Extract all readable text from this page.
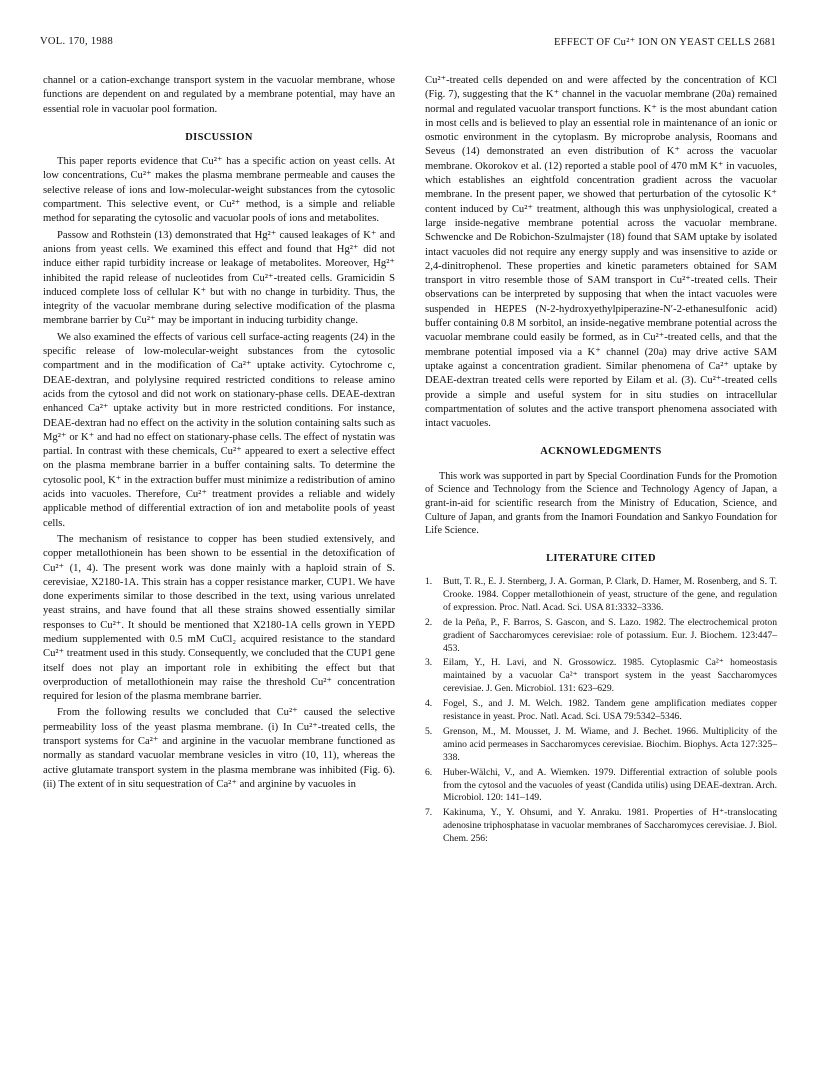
VOL. 170, 1988	EFFECT OF Cu²⁺ ION ON YEAST CELLS 2681

channel or a cation-exchange transport system in the vacuolar membrane, whose functions are dependent on and regulated by a membrane potential, may have an essential role in vacuolar pool formation.

DISCUSSION

This paper reports evidence that Cu²⁺ has a specific action on yeast cells. At low concentrations, Cu²⁺ makes the plasma membrane permeable and causes the selective release of ions and low-molecular-weight substances from the cytosolic compartment. This selective event, or Cu²⁺ method, is a simple and reliable method for separating the cytosolic and vacuolar pools of ions and metabolites.

Passow and Rothstein (13) demonstrated that Hg²⁺ caused leakages of K⁺ and anions from yeast cells. We examined this effect and found that Hg²⁺ did not induce either rapid turbidity increase or leakage of metabolites. Moreover, Hg²⁺ inhibited the rapid release of nucleotides from Cu²⁺-treated cells. Gramicidin S induced complete loss of cellular K⁺ but with no change in turbidity. Thus, the integrity of the vacuolar membrane during selective modification of the plasma membrane barrier by Cu²⁺ may be important in inducing turbidity change.

We also examined the effects of various cell surface-acting reagents (24) in the specific release of low-molecular-weight substances from the cytosolic compartment and in the modification of Ca²⁺ uptake activity. Cytochrome c, DEAE-dextran, and polylysine required restricted conditions to release amino acids from the cytosol and did not work on stationary-phase cells. DEAE-dextran enhanced Ca²⁺ uptake activity but in more restricted conditions. For instance, DEAE-dextran had no effect on the activity in the solution containing salts such as Mg²⁺ or K⁺ and had no effect on stationary-phase cells. The effect of nystatin was partial. In contrast with these chemicals, Cu²⁺ appeared to exert a selective effect on the plasma membrane barrier in a buffer containing salts. To determine the cytosolic pool, K⁺ in the extraction buffer must minimize a redistribution of amino acids into vacuoles. Therefore, Cu²⁺ treatment provides a reliable and widely applicable method of differential extraction of ion and metabolite pools of yeast cells.

The mechanism of resistance to copper has been studied extensively, and copper metallothionein has been shown to be essential in the detoxification of Cu²⁺ (1, 4). The present work was done mainly with a haploid strain of S. cerevisiae, X2180-1A. This strain has a copper resistance marker, CUP1. We have done experiments similar to those described in the text, using various unrelated yeast strains, and have found that all these strains showed essentially similar responses to Cu²⁺. It should be mentioned that X2180-1A cells grown in YEPD medium supplemented with 0.5 mM CuCl₂ acquired resistance to the standard Cu²⁺ treatment used in this study. Consequently, we concluded that the CUP1 gene itself does not play an important role in exhibiting the effect but that overproduction of metallothionein may raise the threshold Cu²⁺ concentration required for lesion of the plasma membrane barrier.

From the following results we concluded that Cu²⁺ caused the selective permeability loss of the yeast plasma membrane. (i) In Cu²⁺-treated cells, the transport systems for Ca²⁺ and arginine in the vacuolar membrane functioned as normally as standard vacuolar membrane vesicles in vitro (10, 11), whereas the active glutamate transport system in the plasma membrane was inhibited (Fig. 6). (ii) The extent of in situ sequestration of Ca²⁺ and arginine by vacuoles in

Cu²⁺-treated cells depended on and were affected by the concentration of KCl (Fig. 7), suggesting that the K⁺ channel in the vacuolar membrane (20a) remained normal and regulated vacuolar transport functions. K⁺ is the most abundant cation in most cells and is believed to play an essential role in maintenance of an ionic or osmotic environment in the cytoplasm. By microprobe analysis, Roomans and Seveus (14) demonstrated an even distribution of K⁺ across the vacuolar membrane. Okorokov et al. (12) reported a stable pool of 470 mM K⁺ in vacuoles, which establishes an eightfold concentration gradient across the vacuolar membrane. In the present paper, we showed that perturbation of the cytosolic K⁺ content induced by Cu²⁺ treatment, although this was unphysiological, created a large inside-negative membrane potential across the vacuolar membrane. Schwencke and De Robichon-Szulmajster (18) found that SAM uptake by isolated intact vacuoles did not require any energy supply and was insensitive to azide or 2,4-dinitrophenol. These properties and kinetic parameters obtained for SAM transport in vitro resemble those of SAM transport in Cu²⁺-treated cells. Their observations can be interpreted by supposing that when the intact vacuoles were suspended in HEPES (N-2-hydroxyethylpiperazine-N′-2-ethanesulfonic acid) buffer containing 0.8 M sorbitol, an inside-negative membrane potential across the vacuolar membrane could easily be formed, as in Cu²⁺-treated cells, and that the membrane potential imposed via a K⁺ channel (20a) may drive active SAM uptake against a concentration gradient. Similar phenomena of Ca²⁺ uptake by DEAE-dextran treated cells were reported by Eilam et al. (3). Cu²⁺-treated cells provide a simple and useful system for in situ studies on intracellular compartmentation of solutes and the active transport phenomena associated with intact vacuoles.

ACKNOWLEDGMENTS

This work was supported in part by Special Coordination Funds for the Promotion of Science and Technology from the Science and Technology Agency of Japan, a grant-in-aid for scientific research from the Ministry of Education, Science, and Culture of Japan, and grants from the Inamori Foundation and Sankyo Foundation for Life Science.

LITERATURE CITED
1. Butt, T. R., E. J. Sternberg, J. A. Gorman, P. Clark, D. Hamer, M. Rosenberg, and S. T. Crooke. 1984. Copper metallothionein of yeast, structure of the gene, and regulation of expression. Proc. Natl. Acad. Sci. USA 81:3332–3336.
2. de la Peña, P., F. Barros, S. Gascon, and S. Lazo. 1982. The electrochemical proton gradient of Saccharomyces cerevisiae: role of potassium. Eur. J. Biochem. 123:447–453.
3. Eilam, Y., H. Lavi, and N. Grossowicz. 1985. Cytoplasmic Ca²⁺ homeostasis maintained by a vacuolar Ca²⁺ transport system in the yeast Saccharomyces cerevisiae. J. Gen. Microbiol. 131: 623–629.
4. Fogel, S., and J. M. Welch. 1982. Tandem gene amplification mediates copper resistance in yeast. Proc. Natl. Acad. Sci. USA 79:5342–5346.
5. Grenson, M., M. Mousset, J. M. Wiame, and J. Bechet. 1966. Multiplicity of the amino acid permeases in Saccharomyces cerevisiae. Biochim. Biophys. Acta 127:325–338.
6. Huber-Wälchi, V., and A. Wiemken. 1979. Differential extraction of soluble pools from the cytosol and the vacuoles of yeast (Candida utilis) using DEAE-dextran. Arch. Microbiol. 120: 141–149.
7. Kakinuma, Y., Y. Ohsumi, and Y. Anraku. 1981. Properties of H⁺-translocating adenosine triphosphatase in vacuolar membranes of Saccharomyces cerevisiae. J. Biol. Chem. 256:
